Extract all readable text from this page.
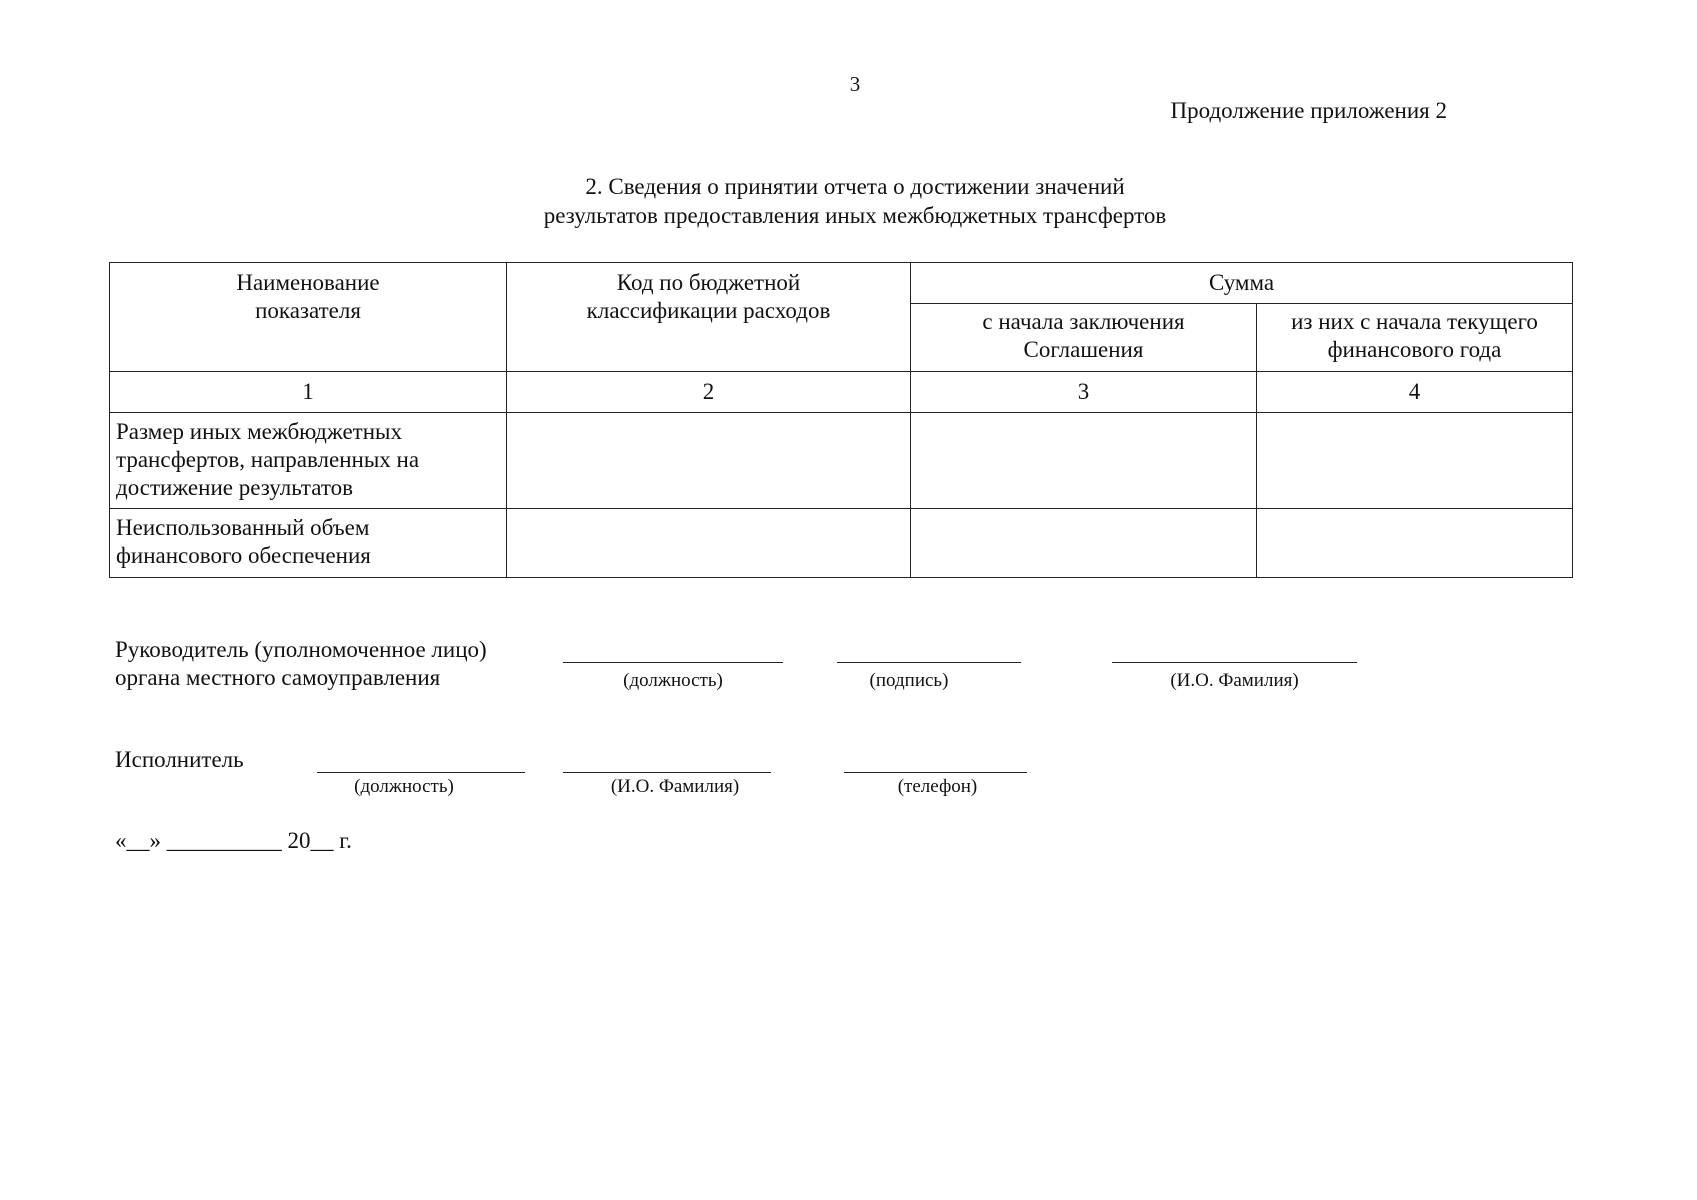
3
Продолжение приложения 2
2. Сведения о принятии отчета о достижении значений
результатов предоставления иных межбюджетных трансфертов
Наименование показателя	Код по бюджетной классификации расходов	Сумма	

		с начала заключения Соглашения	из них с начала текущего финансового года

1	2	3	4

Размер иных межбюджетных трансфертов, направленных на достижение результатов			

Неиспользованный объем финансового обеспечения			

Руководитель (уполномоченное лицо)
органа местного самоуправления	(должность)	(подпись)	(И.О. Фамилия)
Исполнитель
(должность)	(И.О. Фамилия)	(телефон)
«__» __________ 20__ г.
